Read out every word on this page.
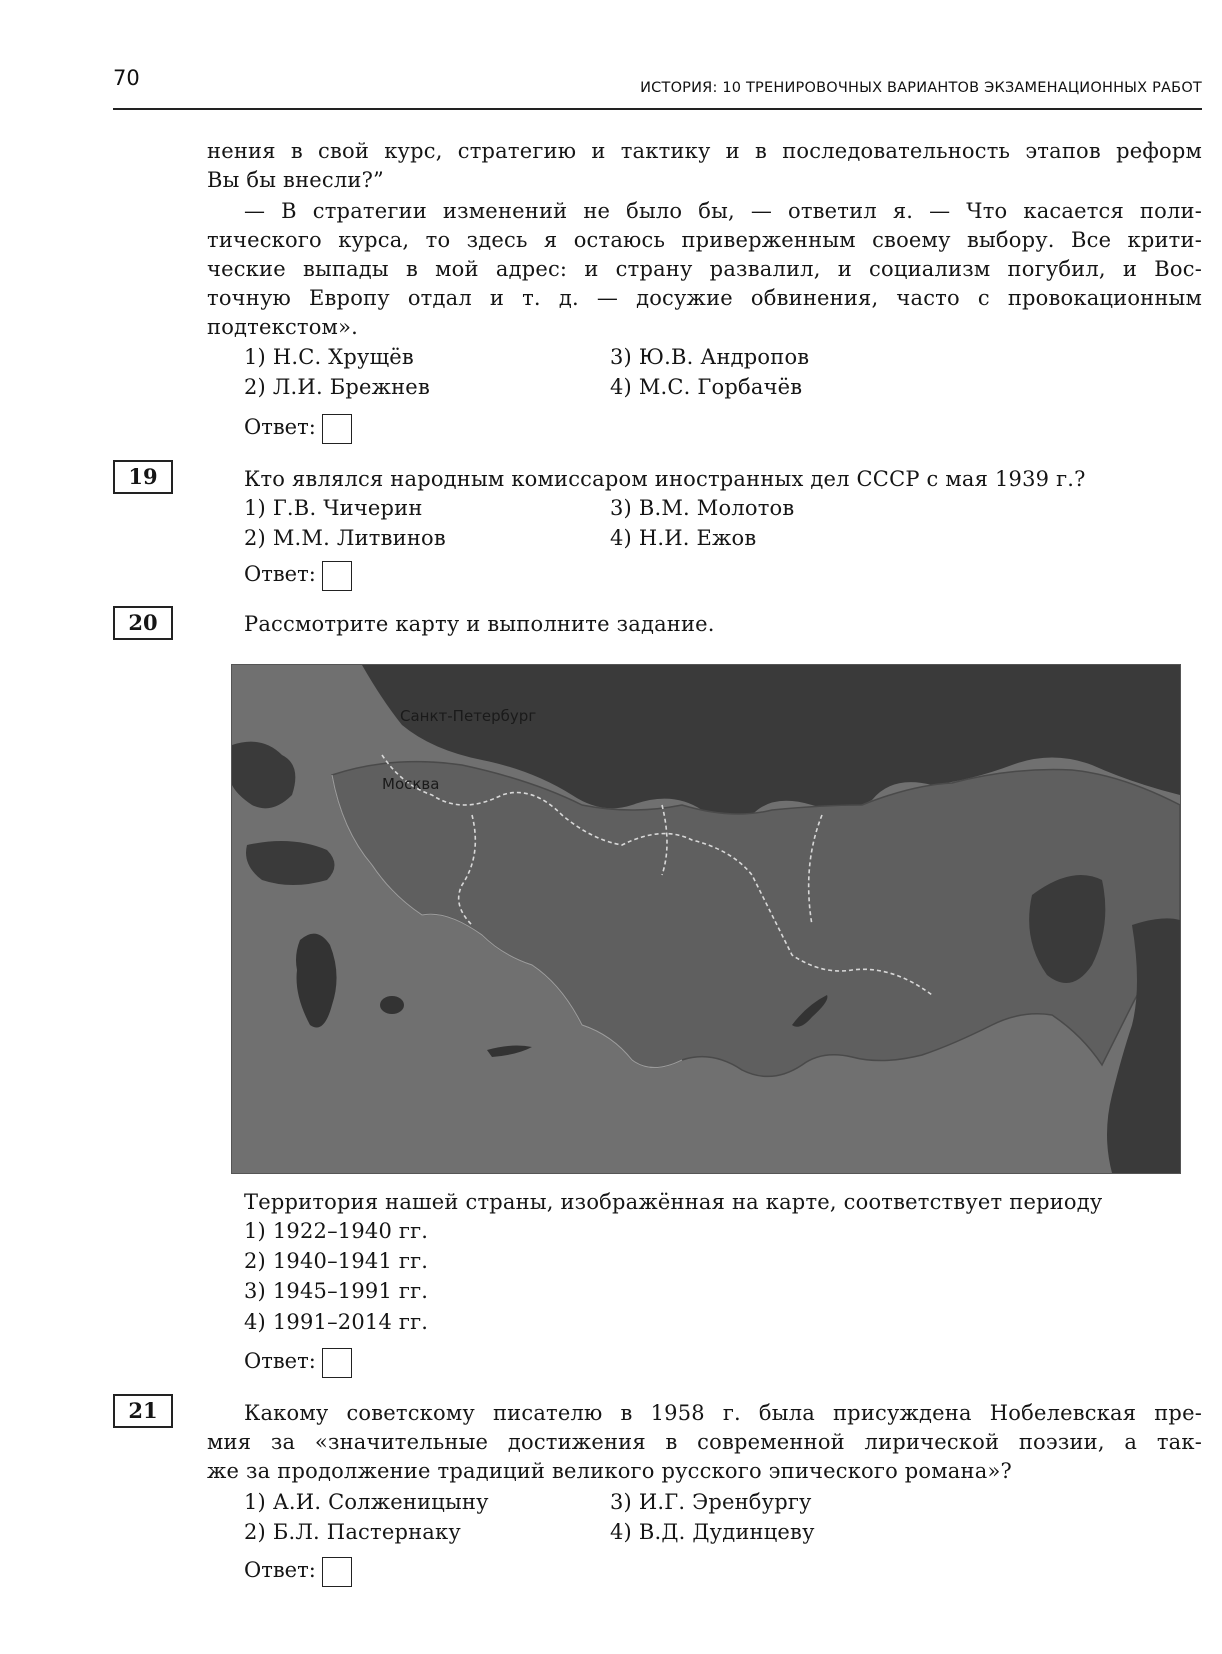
70	ИСТОРИЯ: 10 ТРЕНИРОВОЧНЫХ ВАРИАНТОВ ЭКЗАМЕНАЦИОННЫХ РАБОТ
нения в свой курс, стратегию и тактику и в последовательность этапов реформ
Вы бы внесли?”
— В стратегии изменений не было бы, — ответил я. — Что касается поли-
тического курса, то здесь я остаюсь приверженным своему выбору. Все крити-
ческие выпады в мой адрес: и страну развалил, и социализм погубил, и Вос-
точную Европу отдал и т. д. — досужие обвинения, часто с провокационным
подтекстом».
1) Н.С. Хрущёв
2) Л.И. Брежнев
3) Ю.В. Андропов
4) М.С. Горбачёв
Ответ:
19	Кто являлся народным комиссаром иностранных дел СССР с мая 1939 г.?
1) Г.В. Чичерин
2) М.М. Литвинов
3) В.М. Молотов
4) Н.И. Ежов
Ответ:
20	Рассмотрите карту и выполните задание.
Санкт-Петербург
Москва
Территория нашей страны, изображённая на карте, соответствует периоду
1) 1922–1940 гг.
2) 1940–1941 гг.
3) 1945–1991 гг.
4) 1991–2014 гг.
Ответ:
21	Какому советскому писателю в 1958 г. была присуждена Нобелевская пре-
мия за «значительные достижения в современной лирической поэзии, а так-
же за продолжение традиций великого русского эпического романа»?
1) А.И. Солженицыну
2) Б.Л. Пастернаку
3) И.Г. Эренбургу
4) В.Д. Дудинцеву
Ответ:
